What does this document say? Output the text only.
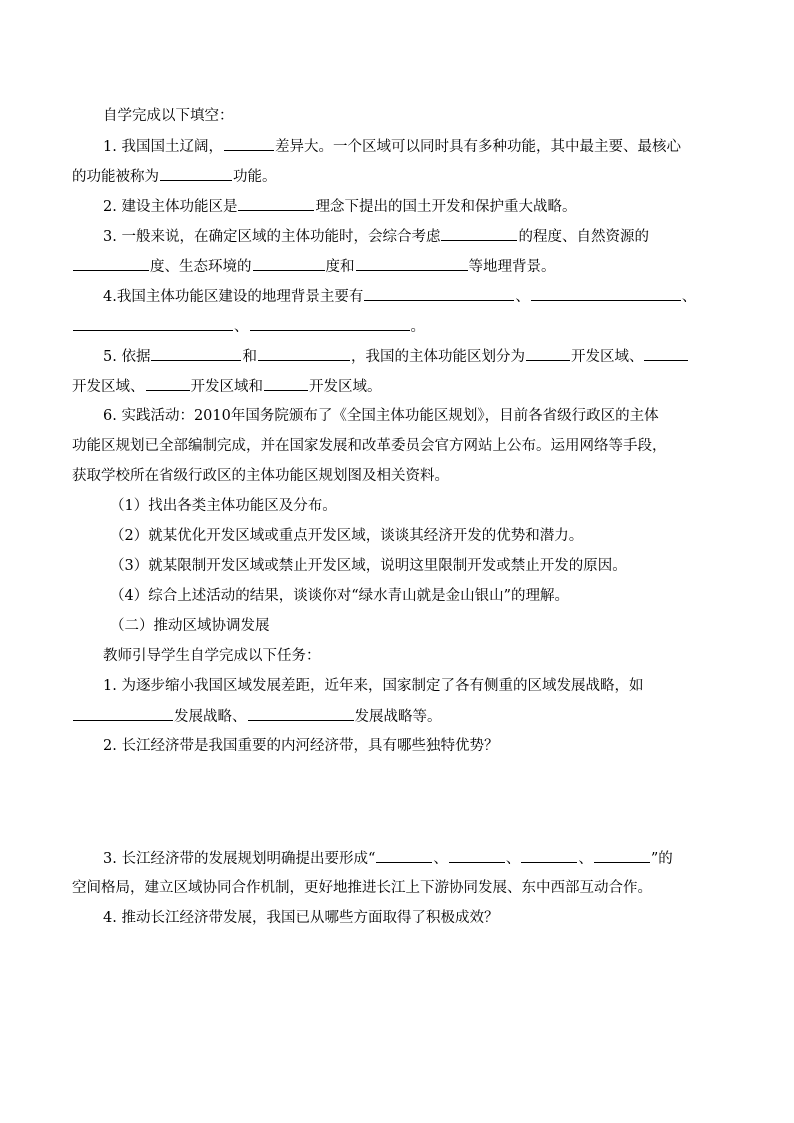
自学完成以下填空：
1. 我国国土辽阔，	差异大。一个区域可以同时具有多种功能，其中最主要、最核心
的功能被称为	功能。
2. 建设主体功能区是	理念下提出的国土开发和保护重大战略。
3. 一般来说，在确定区域的主体功能时，会综合考虑	的程度、自然资源的
度、生态环境的	度和	等地理背景。
4.我国主体功能区建设的地理背景主要有	、	、
、	。
5. 依据	和	，我国的主体功能区划分为	开发区域、
开发区域、	开发区域和	开发区域。
6. 实践活动：2010年国务院颁布了《全国主体功能区规划》，目前各省级行政区的主体
功能区规划已全部编制完成，并在国家发展和改革委员会官方网站上公布。运用网络等手段，
获取学校所在省级行政区的主体功能区规划图及相关资料。
（1）找出各类主体功能区及分布。
（2）就某优化开发区域或重点开发区域，谈谈其经济开发的优势和潜力。
（3）就某限制开发区域或禁止开发区域，说明这里限制开发或禁止开发的原因。
（4）综合上述活动的结果，谈谈你对“绿水青山就是金山银山”的理解。
（二）推动区域协调发展
教师引导学生自学完成以下任务：
1. 为逐步缩小我国区域发展差距，近年来，国家制定了各有侧重的区域发展战略，如
发展战略、	发展战略等。
2. 长江经济带是我国重要的内河经济带，具有哪些独特优势？
3. 长江经济带的发展规划明确提出要形成“	、	、	、	”的
空间格局，建立区域协同合作机制，更好地推进长江上下游协同发展、东中西部互动合作。
4. 推动长江经济带发展，我国已从哪些方面取得了积极成效？
